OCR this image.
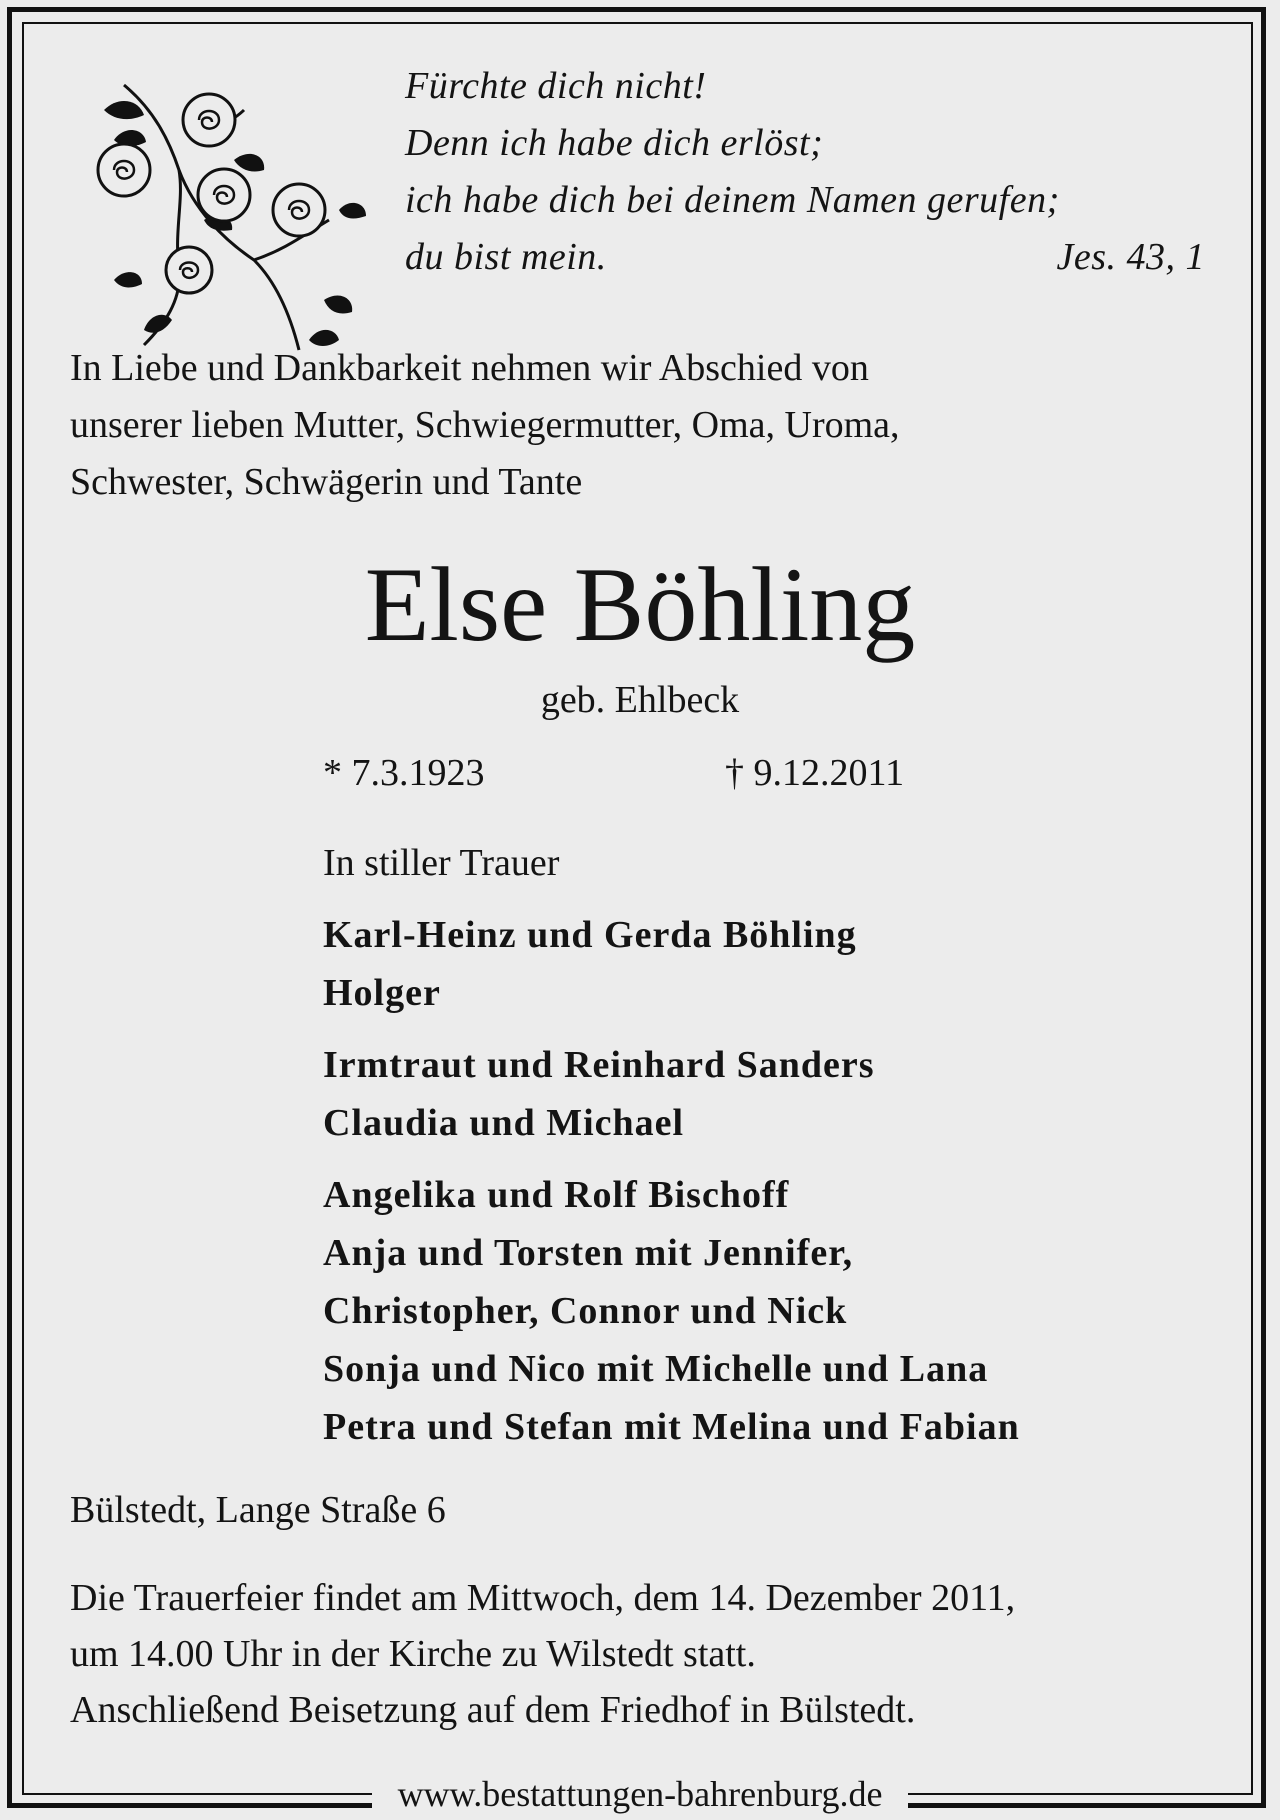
Fürchte dich nicht!
Denn ich habe dich erlöst;
ich habe dich bei deinem Namen gerufen;
du bist mein.	Jes. 43, 1
In Liebe und Dankbarkeit nehmen wir Abschied von
unserer lieben Mutter, Schwiegermutter, Oma, Uroma,
Schwester, Schwägerin und Tante
Else Böhling
geb. Ehlbeck
* 7.3.1923	† 9.12.2011
In stiller Trauer
Karl-Heinz und Gerda Böhling
Holger
Irmtraut und Reinhard Sanders
Claudia und Michael
Angelika und Rolf Bischoff
Anja und Torsten mit Jennifer,
Christopher, Connor und Nick
Sonja und Nico mit Michelle und Lana
Petra und Stefan mit Melina und Fabian
Bülstedt, Lange Straße 6
Die Trauerfeier findet am Mittwoch, dem 14. Dezember 2011,
um 14.00 Uhr in der Kirche zu Wilstedt statt.
Anschließend Beisetzung auf dem Friedhof in Bülstedt.
www.bestattungen-bahrenburg.de
